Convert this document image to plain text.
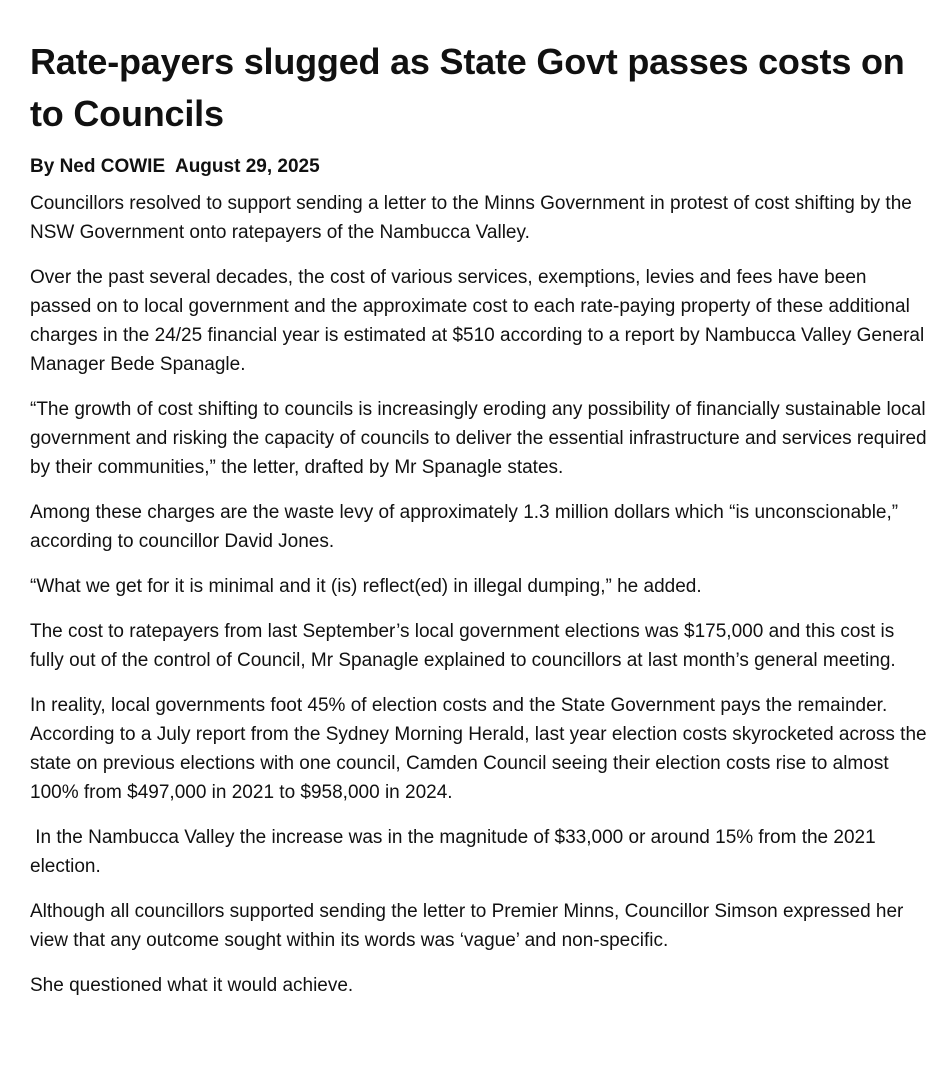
Rate-payers slugged as State Govt passes costs on to Councils
By Ned COWIE  August 29, 2025

Councillors resolved to support sending a letter to the Minns Government in protest of cost shifting by the NSW Government onto ratepayers of the Nambucca Valley.

Over the past several decades, the cost of various services, exemptions, levies and fees have been passed on to local government and the approximate cost to each rate-paying property of these additional charges in the 24/25 financial year is estimated at $510 according to a report by Nambucca Valley General Manager Bede Spanagle.

“The growth of cost shifting to councils is increasingly eroding any possibility of financially sustainable local government and risking the capacity of councils to deliver the essential infrastructure and services required by their communities,” the letter, drafted by Mr Spanagle states.

Among these charges are the waste levy of approximately 1.3 million dollars which “is unconscionable,” according to councillor David Jones.

“What we get for it is minimal and it (is) reflect(ed) in illegal dumping,” he added.

The cost to ratepayers from last September’s local government elections was $175,000 and this cost is fully out of the control of Council, Mr Spanagle explained to councillors at last month’s general meeting.

In reality, local governments foot 45% of election costs and the State Government pays the remainder. According to a July report from the Sydney Morning Herald, last year election costs skyrocketed across the state on previous elections with one council, Camden Council seeing their election costs rise to almost 100% from $497,000 in 2021 to $958,000 in 2024.

In the Nambucca Valley the increase was in the magnitude of $33,000 or around 15% from the 2021 election.

Although all councillors supported sending the letter to Premier Minns, Councillor Simson expressed her view that any outcome sought within its words was ‘vague’ and non-specific.

She questioned what it would achieve.
